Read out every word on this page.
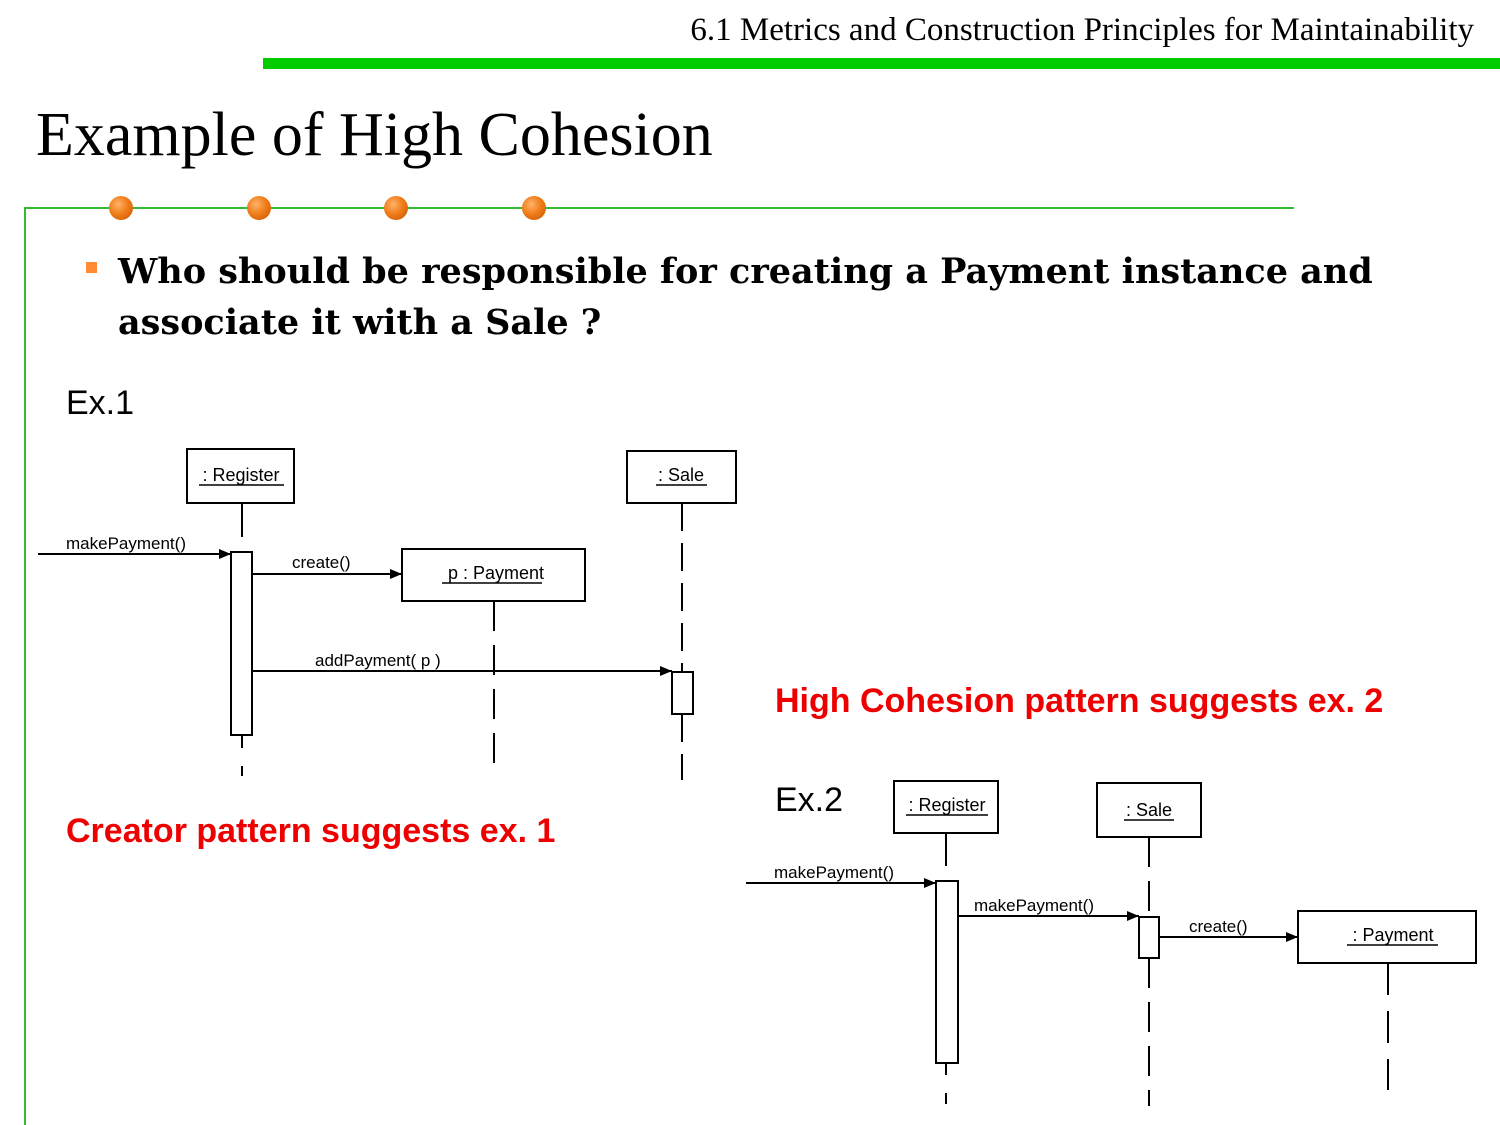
6.1 Metrics and Construction Principles for Maintainability
Example of High Cohesion
Who should be responsible for creating a Payment instance and associate it with a Sale ?
Ex.1
Ex.2
Creator pattern suggests ex. 1
High Cohesion pattern suggests ex. 2
: Register	: Sale
p : Payment
makePayment()
create()
addPayment( p )
: Register	: Sale
: Payment
makePayment()
makePayment()
create()
